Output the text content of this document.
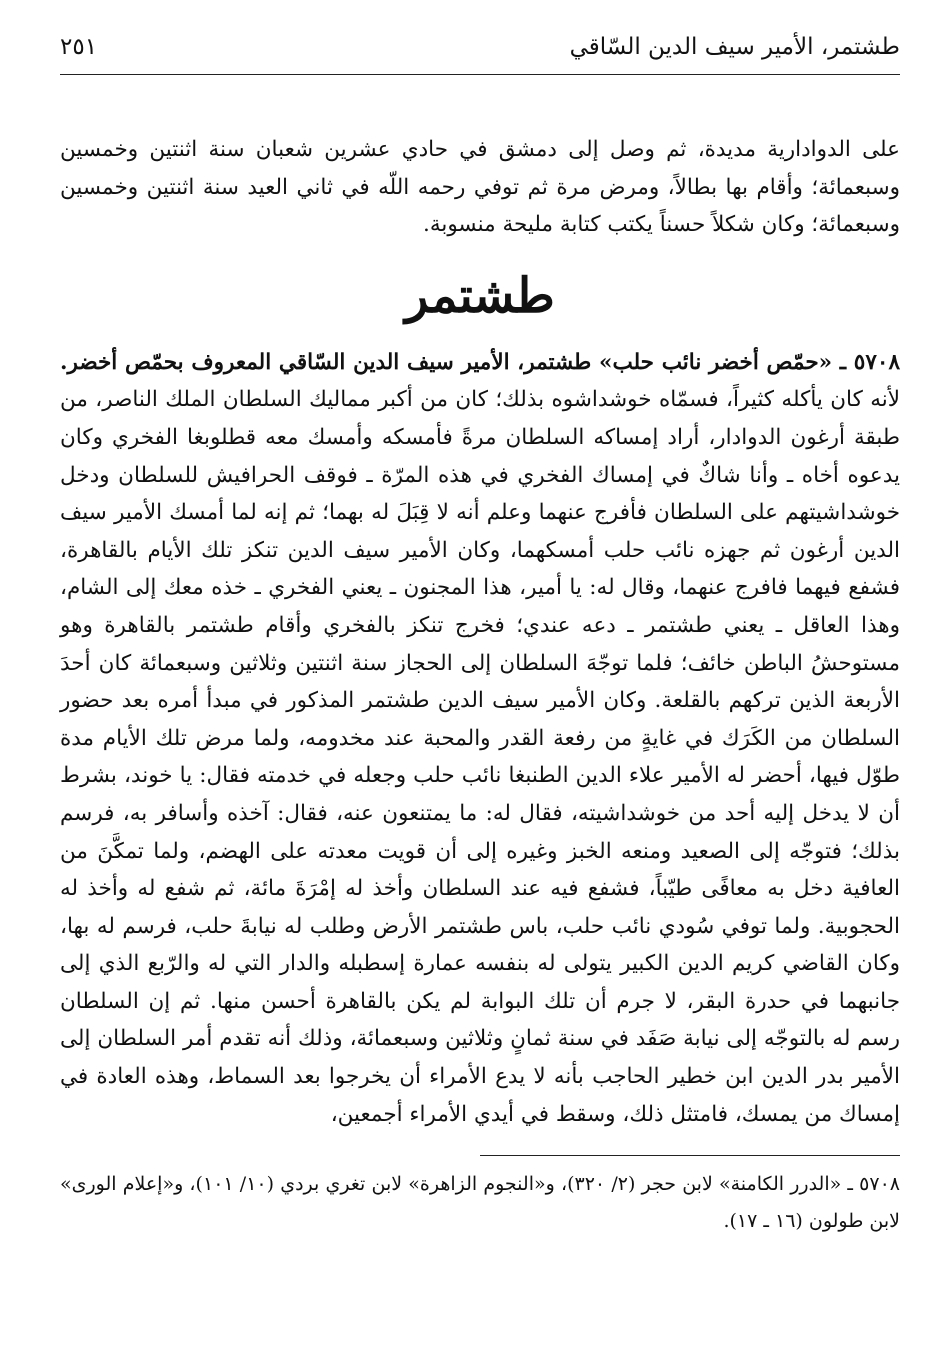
طشتمر، الأمير سيف الدين السّاقي
٢٥١

على الدوادارية مديدة، ثم وصل إلى دمشق في حادي عشرين شعبان سنة اثنتين وخمسين وسبعمائة؛ وأقام بها بطالاً، ومرض مرة ثم توفي رحمه اللّه في ثاني العيد سنة اثنتين وخمسين وسبعمائة؛ وكان شكلاً حسناً يكتب كتابة مليحة منسوبة.

طشتمر

٥٧٠٨ ـ «حمّص أخضر نائب حلب» طشتمر، الأمير سيف الدين السّاقي المعروف بحمّص أخضر. لأنه كان يأكله كثيراً، فسمّاه خوشداشوه بذلك؛ كان من أكبر مماليك السلطان الملك الناصر، من طبقة أرغون الدوادار، أراد إمساكه السلطان مرةً فأمسكه وأمسك معه قطلوبغا الفخري وكان يدعوه أخاه ـ وأنا شاكٌ في إمساك الفخري في هذه المرّة ـ فوقف الحرافيش للسلطان ودخل خوشداشيتهم على السلطان فأفرج عنهما وعلم أنه لا قِبَلَ له بهما؛ ثم إنه لما أمسك الأمير سيف الدين أرغون ثم جهزه نائب حلب أمسكهما، وكان الأمير سيف الدين تنكز تلك الأيام بالقاهرة، فشفع فيهما فافرج عنهما، وقال له: يا أمير، هذا المجنون ـ يعني الفخري ـ خذه معك إلى الشام، وهذا العاقل ـ يعني طشتمر ـ دعه عندي؛ فخرج تنكز بالفخري وأقام طشتمر بالقاهرة وهو مستوحشُ الباطن خائف؛ فلما توجّهَ السلطان إلى الحجاز سنة اثنتين وثلاثين وسبعمائة كان أحدَ الأربعة الذين تركهم بالقلعة. وكان الأمير سيف الدين طشتمر المذكور في مبدأ أمره بعد حضور السلطان من الكَرَك في غايةٍ من رفعة القدر والمحبة عند مخدومه، ولما مرض تلك الأيام مدة طوّل فيها، أحضر له الأمير علاء الدين الطنبغا نائب حلب وجعله في خدمته فقال: يا خوند، بشرط أن لا يدخل إليه أحد من خوشداشيته، فقال له: ما يمتنعون عنه، فقال: آخذه وأسافر به، فرسم بذلك؛ فتوجّه إلى الصعيد ومنعه الخبز وغيره إلى أن قويت معدته على الهضم، ولما تمكَّنَ من العافية دخل به معافًى طيّباً، فشفع فيه عند السلطان وأخذ له إمْرَةَ مائة، ثم شفع له وأخذ له الحجوبية. ولما توفي سُودي نائب حلب، باس طشتمر الأرض وطلب له نيابةَ حلب، فرسم له بها، وكان القاضي كريم الدين الكبير يتولى له بنفسه عمارة إسطبله والدار التي له والرّبع الذي إلى جانبهما في حدرة البقر، لا جرم أن تلك البوابة لم يكن بالقاهرة أحسن منها. ثم إن السلطان رسم له بالتوجّه إلى نيابة صَفَد في سنة ثمانٍ وثلاثين وسبعمائة، وذلك أنه تقدم أمر السلطان إلى الأمير بدر الدين ابن خطير الحاجب بأنه لا يدع الأمراء أن يخرجوا بعد السماط، وهذه العادة في إمساك من يمسك، فامتثل ذلك، وسقط في أيدي الأمراء أجمعين،

٥٧٠٨ ـ «الدرر الكامنة» لابن حجر (٢/ ٣٢٠)، و«النجوم الزاهرة» لابن تغري بردي (١٠/ ١٠١)، و«إعلام الورى» لابن طولون (١٦ ـ ١٧).
